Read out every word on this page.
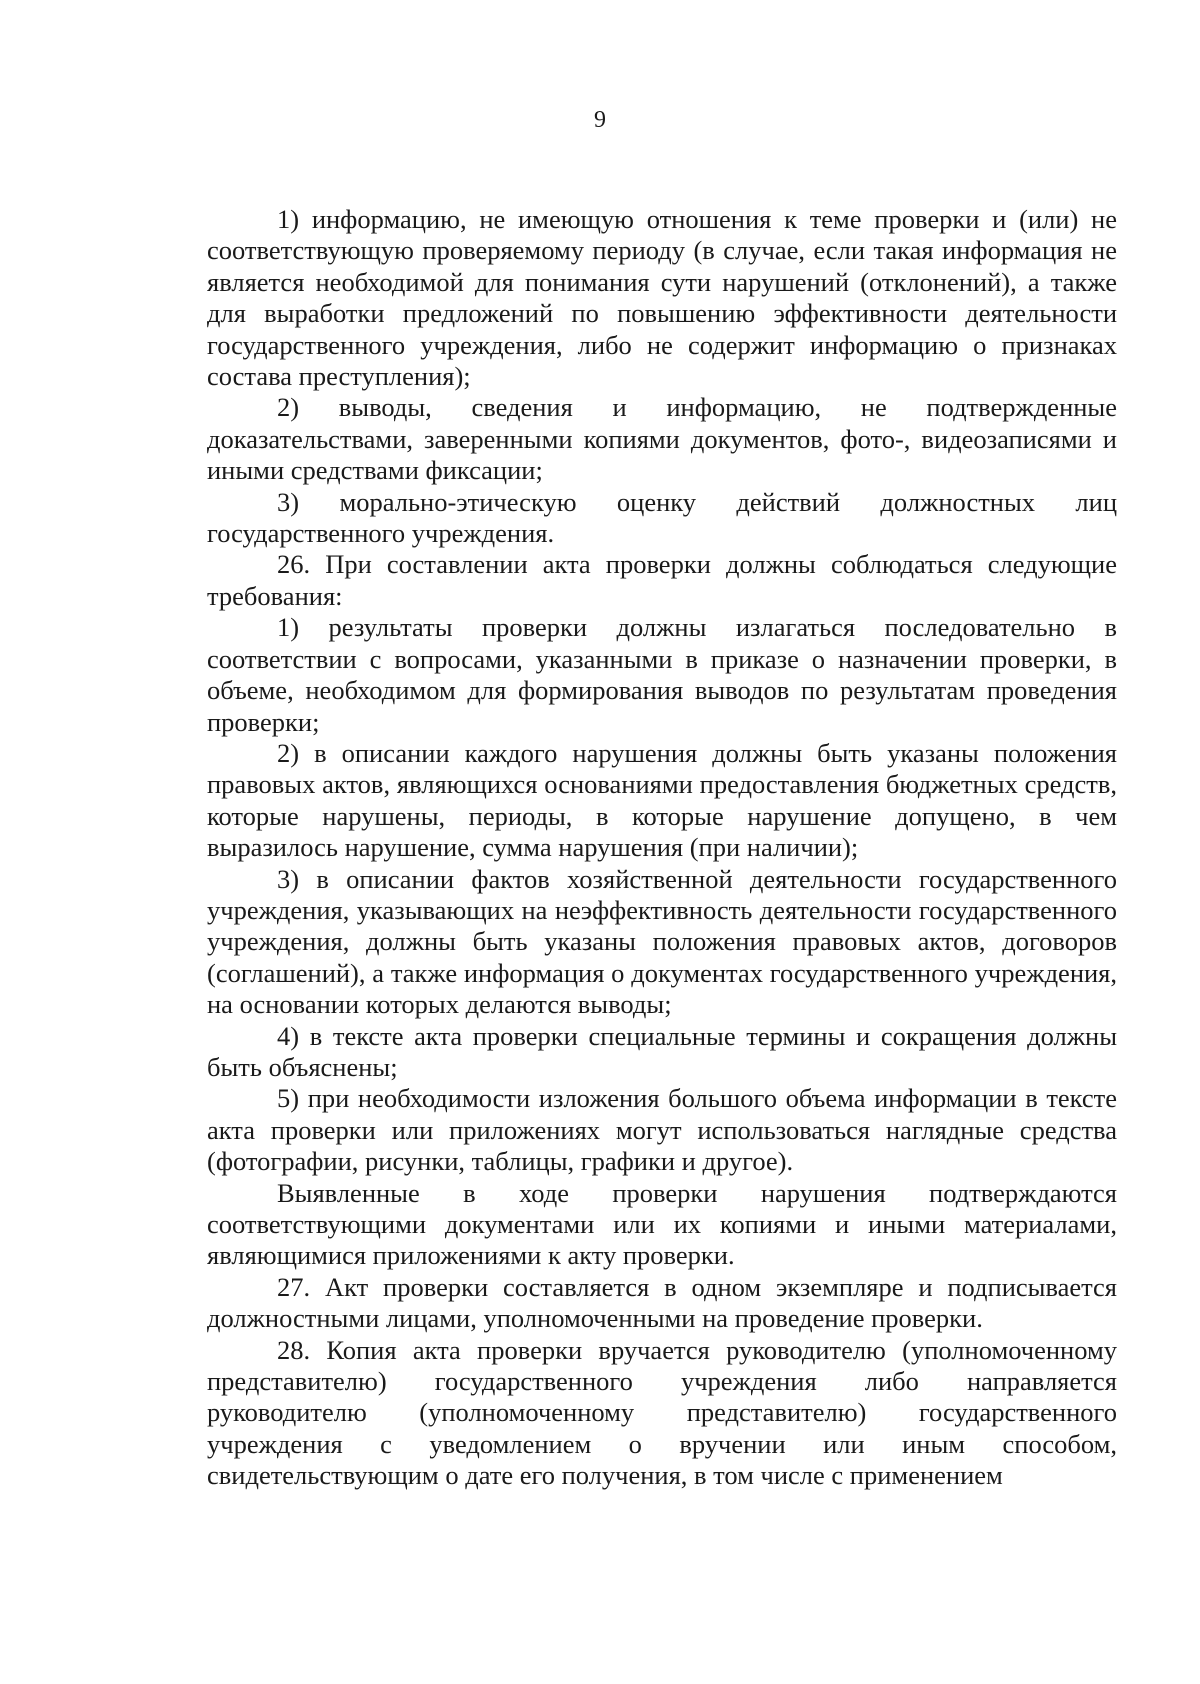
9

1) информацию, не имеющую отношения к теме проверки и (или) не соответствующую проверяемому периоду (в случае, если такая информация не является необходимой для понимания сути нарушений (отклонений), а также для выработки предложений по повышению эффективности деятельности государственного учреждения, либо не содержит информацию о признаках состава преступления);

2) выводы, сведения и информацию, не подтвержденные доказательствами, заверенными копиями документов, фото-, видеозаписями и иными средствами фиксации;

3) морально-этическую оценку действий должностных лиц государственного учреждения.

26. При составлении акта проверки должны соблюдаться следующие требования:

1) результаты проверки должны излагаться последовательно в соответствии с вопросами, указанными в приказе о назначении проверки, в объеме, необходимом для формирования выводов по результатам проведения проверки;

2) в описании каждого нарушения должны быть указаны положения правовых актов, являющихся основаниями предоставления бюджетных средств, которые нарушены, периоды, в которые нарушение допущено, в чем выразилось нарушение, сумма нарушения (при наличии);

3) в описании фактов хозяйственной деятельности государственного учреждения, указывающих на неэффективность деятельности государственного учреждения, должны быть указаны положения правовых актов, договоров (соглашений), а также информация о документах государственного учреждения, на основании которых делаются выводы;

4) в тексте акта проверки специальные термины и сокращения должны быть объяснены;

5) при необходимости изложения большого объема информации в тексте акта проверки или приложениях могут использоваться наглядные средства (фотографии, рисунки, таблицы, графики и другое).

Выявленные в ходе проверки нарушения подтверждаются соответствующими документами или их копиями и иными материалами, являющимися приложениями к акту проверки.

27. Акт проверки составляется в одном экземпляре и подписывается должностными лицами, уполномоченными на проведение проверки.

28. Копия акта проверки вручается руководителю (уполномоченному представителю) государственного учреждения либо направляется руководителю (уполномоченному представителю) государственного учреждения с уведомлением о вручении или иным способом, свидетельствующим о дате его получения, в том числе с применением
